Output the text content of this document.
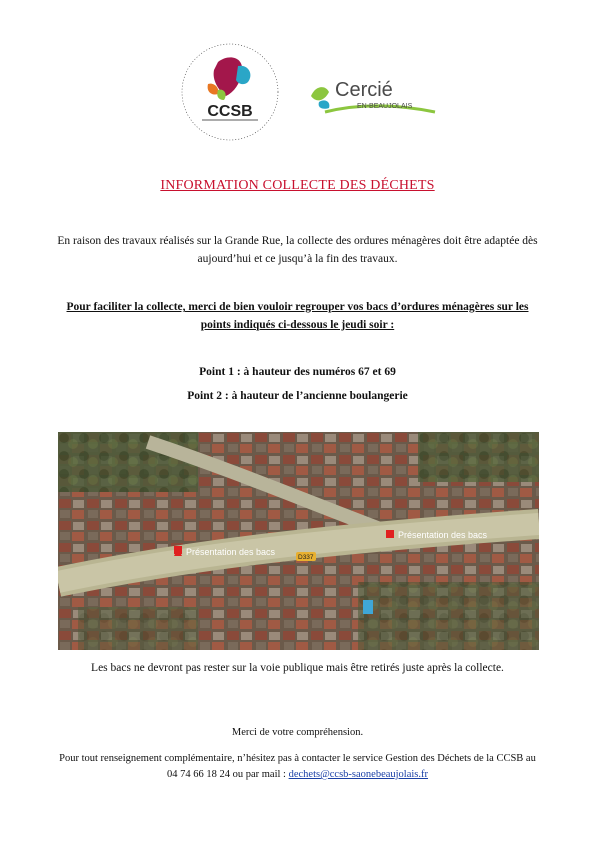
CCSB
Cercié
EN-BEAUJOLAIS
INFORMATION COLLECTE DES DÉCHETS
En raison des travaux réalisés sur la Grande Rue, la collecte des ordures ménagères doit être adaptée dès aujourd’hui et ce jusqu’à la fin des travaux.
Pour faciliter la collecte, merci de bien vouloir regrouper vos bacs d’ordures ménagères sur les points indiqués ci-dessous le jeudi soir :
Point 1 : à hauteur des numéros 67 et 69
Point 2 : à hauteur de l’ancienne boulangerie
Présentation des bacs
Présentation des bacs
D337
Les bacs ne devront pas rester sur la voie publique mais être retirés juste après la collecte.
Merci de votre compréhension.
Pour tout renseignement complémentaire, n’hésitez pas à contacter le service Gestion des Déchets de la CCSB au 04 74 66 18 24 ou par mail : dechets@ccsb-saonebeaujolais.fr
